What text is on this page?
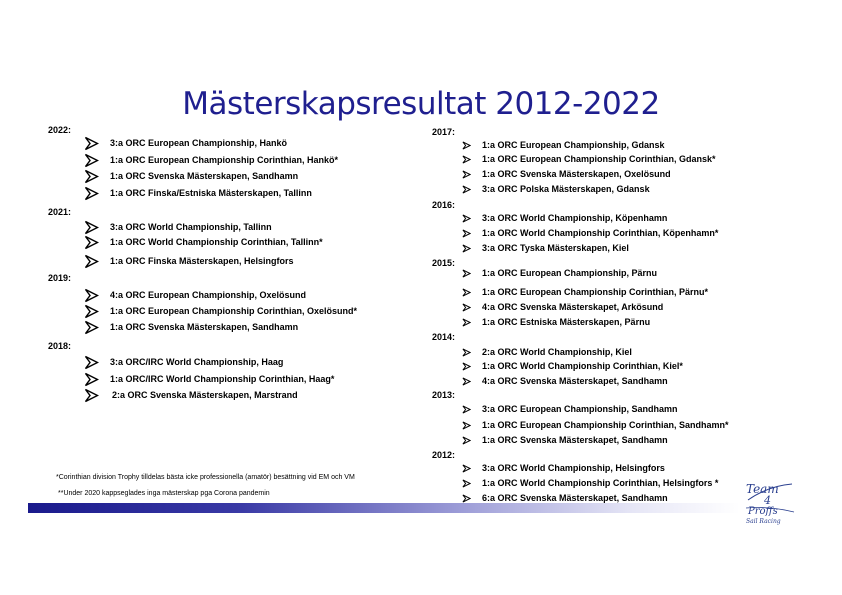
Mästerskapsresultat 2012-2022
2022:
3:a ORC European Championship, Hankö
1:a ORC European Championship Corinthian, Hankö*
1:a ORC Svenska Mästerskapen, Sandhamn
1:a ORC Finska/Estniska Mästerskapen, Tallinn
2021:
3:a ORC World Championship, Tallinn
1:a ORC World Championship Corinthian, Tallinn*
1:a ORC Finska Mästerskapen, Helsingfors
2019:
4:a ORC European Championship, Oxelösund
1:a ORC European Championship Corinthian, Oxelösund*
1:a ORC Svenska Mästerskapen, Sandhamn
2018:
3:a ORC/IRC World Championship, Haag
1:a ORC/IRC World Championship Corinthian, Haag*
2:a ORC Svenska Mästerskapen, Marstrand
2017:
1:a ORC European Championship, Gdansk
1:a ORC European Championship Corinthian, Gdansk*
1:a ORC Svenska Mästerskapen, Oxelösund
3:a ORC Polska Mästerskapen, Gdansk
2016:
3:a ORC World Championship, Köpenhamn
1:a ORC World Championship Corinthian, Köpenhamn*
3:a ORC Tyska Mästerskapen, Kiel
2015:
1:a ORC European Championship, Pärnu
1:a ORC European Championship Corinthian, Pärnu*
4:a ORC Svenska Mästerskapet, Arkösund
1:a ORC Estniska Mästerskapen, Pärnu
2014:
2:a ORC World Championship, Kiel
1:a ORC World Championship Corinthian, Kiel*
4:a ORC Svenska Mästerskapet, Sandhamn
2013:
3:a ORC European Championship, Sandhamn
1:a ORC European Championship Corinthian, Sandhamn*
1:a ORC Svenska Mästerskapet, Sandhamn
2012:
3:a ORC World Championship, Helsingfors
1:a ORC World Championship Corinthian, Helsingfors *
6:a ORC Svenska Mästerskapet, Sandhamn
*Corinthian division Trophy tilldelas bästa icke professionella (amatör) besättning vid EM och VM
**Under 2020 kappseglades inga mästerskap pga Corona pandemin	Team
4
Proffs
Sail Racing
